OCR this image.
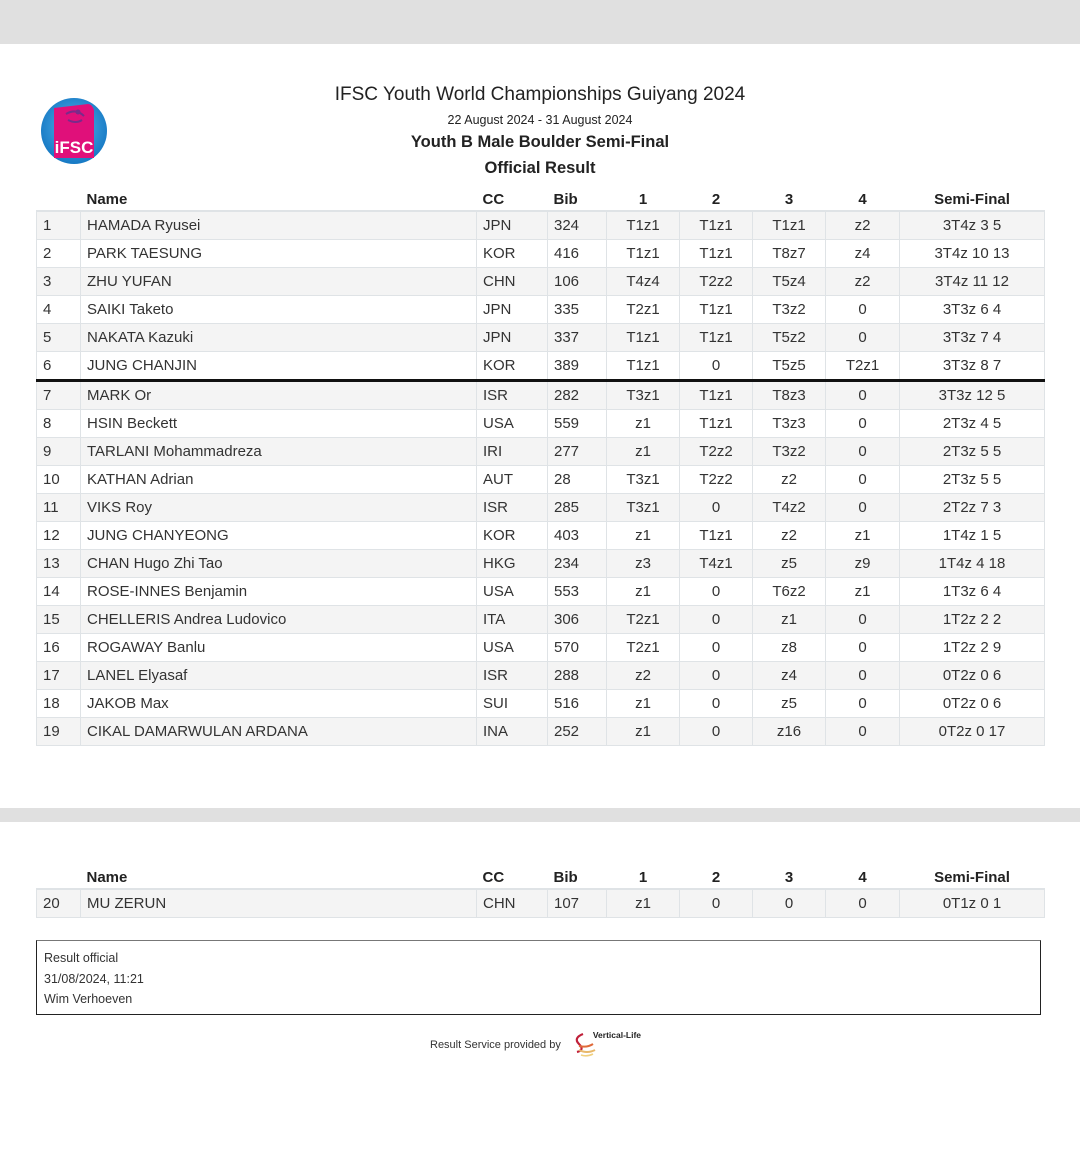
iFSC
IFSC Youth World Championships Guiyang 2024
22 August 2024 - 31 August 2024
Youth B Male Boulder Semi-Final
Official Result
	Name	CC	Bib	1	2	3	4	Semi-Final
1	HAMADA Ryusei	JPN	324	T1z1	T1z1	T1z1	z2	3T4z 3 5
2	PARK TAESUNG	KOR	416	T1z1	T1z1	T8z7	z4	3T4z 10 13
3	ZHU YUFAN	CHN	106	T4z4	T2z2	T5z4	z2	3T4z 11 12
4	SAIKI Taketo	JPN	335	T2z1	T1z1	T3z2	0	3T3z 6 4
5	NAKATA Kazuki	JPN	337	T1z1	T1z1	T5z2	0	3T3z 7 4
6	JUNG CHANJIN	KOR	389	T1z1	0	T5z5	T2z1	3T3z 8 7
7	MARK Or	ISR	282	T3z1	T1z1	T8z3	0	3T3z 12 5
8	HSIN Beckett	USA	559	z1	T1z1	T3z3	0	2T3z 4 5
9	TARLANI Mohammadreza	IRI	277	z1	T2z2	T3z2	0	2T3z 5 5
10	KATHAN Adrian	AUT	28	T3z1	T2z2	z2	0	2T3z 5 5
11	VIKS Roy	ISR	285	T3z1	0	T4z2	0	2T2z 7 3
12	JUNG CHANYEONG	KOR	403	z1	T1z1	z2	z1	1T4z 1 5
13	CHAN Hugo Zhi Tao	HKG	234	z3	T4z1	z5	z9	1T4z 4 18
14	ROSE-INNES Benjamin	USA	553	z1	0	T6z2	z1	1T3z 6 4
15	CHELLERIS Andrea Ludovico	ITA	306	T2z1	0	z1	0	1T2z 2 2
16	ROGAWAY Banlu	USA	570	T2z1	0	z8	0	1T2z 2 9
17	LANEL Elyasaf	ISR	288	z2	0	z4	0	0T2z 0 6
18	JAKOB Max	SUI	516	z1	0	z5	0	0T2z 0 6
19	CIKAL DAMARWULAN ARDANA	INA	252	z1	0	z16	0	0T2z 0 17
	Name	CC	Bib	1	2	3	4	Semi-Final
20	MU ZERUN	CHN	107	z1	0	0	0	0T1z 0 1
Result official
31/08/2024, 11:21
Wim Verhoeven
Result Service provided by
Vertical-Life
